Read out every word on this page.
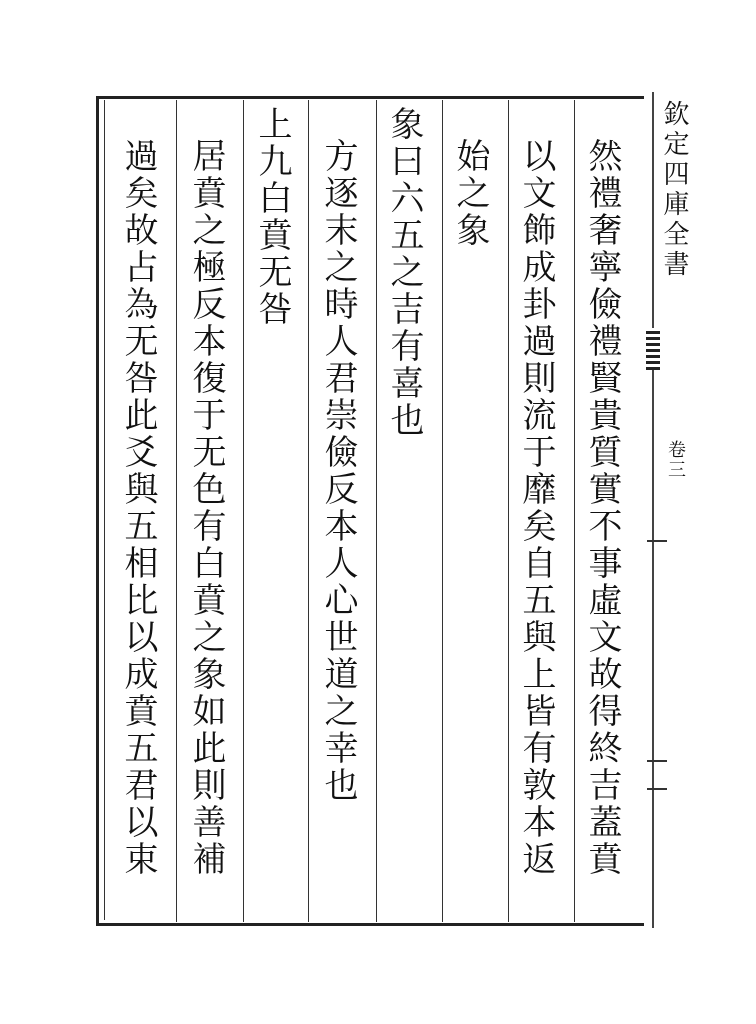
然禮奢寧儉禮賢貴質實不事虛文故得終吉蓋賁
以文飾成卦過則流于靡矣自五與上皆有敦本返
始之象
象曰六五之吉有喜也
方逐末之時人君崇儉反本人心世道之幸也
上九白賁无咎
居賁之極反本復于无色有白賁之象如此則善補
過矣故占為无咎此爻與五相比以成賁五君以束	欽定四庫全書
卷三
